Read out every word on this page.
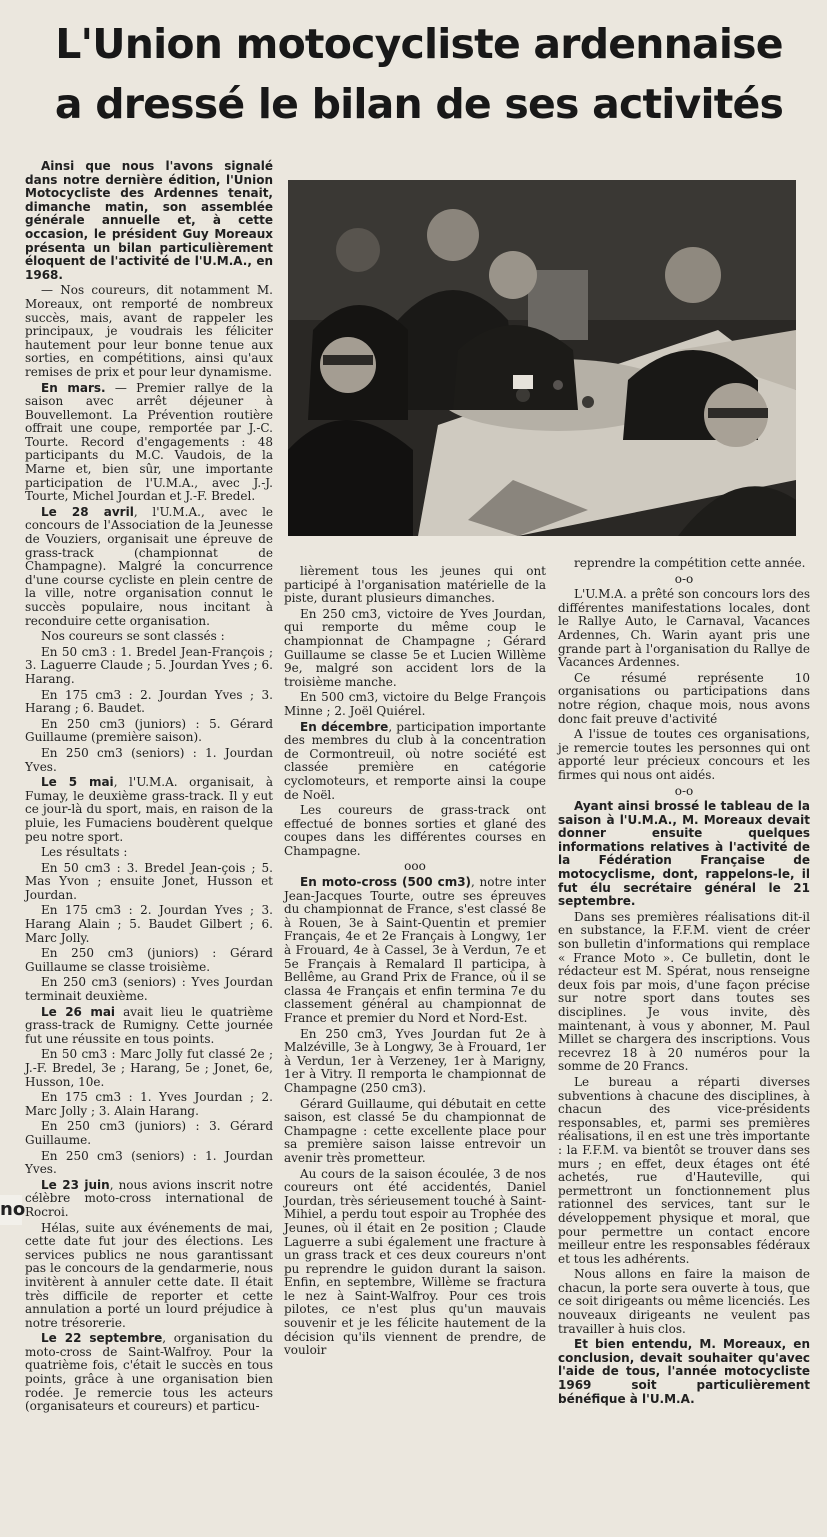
no
L'Union motocycliste ardennaise
a dressé le bilan de ses activités

Ainsi que nous l'avons signalé dans notre dernière édition, l'Union Motocycliste des Ardennes tenait, dimanche matin, son assemblée générale annuelle et, à cette occasion, le président Guy Moreaux présenta un bilan particulièrement éloquent de l'activité de l'U.M.A., en 1968.

— Nos coureurs, dit notamment M. Moreaux, ont remporté de nombreux succès, mais, avant de rappeler les principaux, je voudrais les féliciter hautement pour leur bonne tenue aux sorties, en compétitions, ainsi qu'aux remises de prix et pour leur dynamisme.

En mars. — Premier rallye de la saison avec arrêt déjeuner à Bouvellemont. La Prévention routière offrait une coupe, remportée par J.-C. Tourte. Record d'engagements : 48 participants du M.C. Vaudois, de la Marne et, bien sûr, une importante participation de l'U.M.A., avec J.-J. Tourte, Michel Jourdan et J.-F. Bredel.

Le 28 avril, l'U.M.A., avec le concours de l'Association de la Jeunesse de Vouziers, organisait une épreuve de grass-track (championnat de Champagne). Malgré la concurrence d'une course cycliste en plein centre de la ville, notre organisation connut le succès populaire, nous incitant à reconduire cette organisation.

Nos coureurs se sont classés :

En 50 cm3 : 1. Bredel Jean-François ; 3. Laguerre Claude ; 5. Jourdan Yves ; 6. Harang.

En 175 cm3 : 2. Jourdan Yves ; 3. Harang ; 6. Baudet.

En 250 cm3 (juniors) : 5. Gérard Guillaume (première saison).

En 250 cm3 (seniors) : 1. Jourdan Yves.

Le 5 mai, l'U.M.A. organisait, à Fumay, le deuxième grass-track. Il y eut ce jour-là du sport, mais, en raison de la pluie, les Fumaciens boudèrent quelque peu notre sport.

Les résultats :

En 50 cm3 : 3. Bredel Jean-çois ; 5. Mas Yvon ; ensuite Jonet, Husson et Jourdan.

En 175 cm3 : 2. Jourdan Yves ; 3. Harang Alain ; 5. Baudet Gilbert ; 6. Marc Jolly.

En 250 cm3 (juniors) : Gérard Guillaume se classe troisième.

En 250 cm3 (seniors) : Yves Jourdan terminait deuxième.

Le 26 mai avait lieu le quatrième grass-track de Rumigny. Cette journée fut une réussite en tous points.

En 50 cm3 : Marc Jolly fut classé 2e ; J.-F. Bredel, 3e ; Harang, 5e ; Jonet, 6e, Husson, 10e.

En 175 cm3 : 1. Yves Jourdan ; 2. Marc Jolly ; 3. Alain Harang.

En 250 cm3 (juniors) : 3. Gérard Guillaume.

En 250 cm3 (seniors) : 1. Jourdan Yves.

Le 23 juin, nous avions inscrit notre célèbre moto-cross international de Rocroi.

Hélas, suite aux événements de mai, cette date fut jour des élections. Les services publics ne nous garantissant pas le concours de la gendarmerie, nous invitèrent à annuler cette date. Il était très difficile de reporter et cette annulation a porté un lourd préjudice à notre trésorerie.

Le 22 septembre, organisation du moto-cross de Saint-Walfroy. Pour la quatrième fois, c'était le succès en tous points, grâce à une organisation bien rodée. Je remercie tous les acteurs (organisateurs et coureurs) et particu-

lièrement tous les jeunes qui ont participé à l'organisation matérielle de la piste, durant plusieurs dimanches.

En 250 cm3, victoire de Yves Jourdan, qui remporte du même coup le championnat de Champagne ; Gérard Guillaume se classe 5e et Lucien Willème 9e, malgré son accident lors de la troisième manche.

En 500 cm3, victoire du Belge François Minne ; 2. Joël Quiérel.

En décembre, participation importante des membres du club à la concentration de Cormontreuil, où notre société est classée première en catégorie cyclomoteurs, et remporte ainsi la coupe de Noël.

Les coureurs de grass-track ont effectué de bonnes sorties et glané des coupes dans les différentes courses en Champagne.

ooo

En moto-cross (500 cm3), notre inter Jean-Jacques Tourte, outre ses épreuves du championnat de France, s'est classé 8e à Rouen, 3e à Saint-Quentin et premier Français, 4e et 2e Français à Longwy, 1er à Frouard, 4e à Cassel, 3e à Verdun, 7e et 5e Français à Remalard Il participa, à Bellême, au Grand Prix de France, où il se classa 4e Français et enfin termina 7e du classement général au championnat de France et premier du Nord et Nord-Est.

En 250 cm3, Yves Jourdan fut 2e à Malzéville, 3e à Longwy, 3e à Frouard, 1er à Verdun, 1er à Verzeney, 1er à Marigny, 1er à Vitry. Il remporta le championnat de Champagne (250 cm3).

Gérard Guillaume, qui débutait en cette saison, est classé 5e du championnat de Champagne : cette excellente place pour sa première saison laisse entrevoir un avenir très prometteur.

Au cours de la saison écoulée, 3 de nos coureurs ont été accidentés, Daniel Jourdan, très sérieusement touché à Saint-Mihiel, a perdu tout espoir au Trophée des Jeunes, où il était en 2e position ; Claude Laguerre a subi également une fracture à un grass track et ces deux coureurs n'ont pu reprendre le guidon durant la saison. Enfin, en septembre, Willème se fractura le nez à Saint-Walfroy. Pour ces trois pilotes, ce n'est plus qu'un mauvais souvenir et je les félicite hautement de la décision qu'ils viennent de prendre, de vouloir

reprendre la compétition cette année.

o-o

L'U.M.A. a prêté son concours lors des différentes manifestations locales, dont le Rallye Auto, le Carnaval, Vacances Ardennes, Ch. Warin ayant pris une grande part à l'organisation du Rallye de Vacances Ardennes.

Ce résumé représente 10 organisations ou participations dans notre région, chaque mois, nous avons donc fait preuve d'activité

A l'issue de toutes ces organisations, je remercie toutes les personnes qui ont apporté leur précieux concours et les firmes qui nous ont aidés.

o-o

Ayant ainsi brossé le tableau de la saison à l'U.M.A., M. Moreaux devait donner ensuite quelques informations relatives à l'activité de la Fédération Française de motocyclisme, dont, rappelons-le, il fut élu secrétaire général le 21 septembre.

Dans ses premières réalisations dit-il en substance, la F.F.M. vient de créer son bulletin d'informations qui remplace « France Moto ». Ce bulletin, dont le rédacteur est M. Spérat, nous renseigne deux fois par mois, d'une façon précise sur notre sport dans toutes ses disciplines. Je vous invite, dès maintenant, à vous y abonner, M. Paul Millet se chargera des inscriptions. Vous recevrez 18 à 20 numéros pour la somme de 20 Francs.

Le bureau a réparti diverses subventions à chacune des disciplines, à chacun des vice-présidents responsables, et, parmi ses premières réalisations, il en est une très importante : la F.F.M. va bientôt se trouver dans ses murs ; en effet, deux étages ont été achetés, rue d'Hauteville, qui permettront un fonctionnement plus rationnel des services, tant sur le développement physique et moral, que pour permettre un contact encore meilleur entre les responsables fédéraux et tous les adhérents.

Nous allons en faire la maison de chacun, la porte sera ouverte à tous, que ce soit dirigeants ou même licenciés. Les nouveaux dirigeants ne veulent pas travailler à huis clos.

Et bien entendu, M. Moreaux, en conclusion, devait souhaiter qu'avec l'aide de tous, l'année motocycliste 1969 soit particulièrement bénéfique à l'U.M.A.
